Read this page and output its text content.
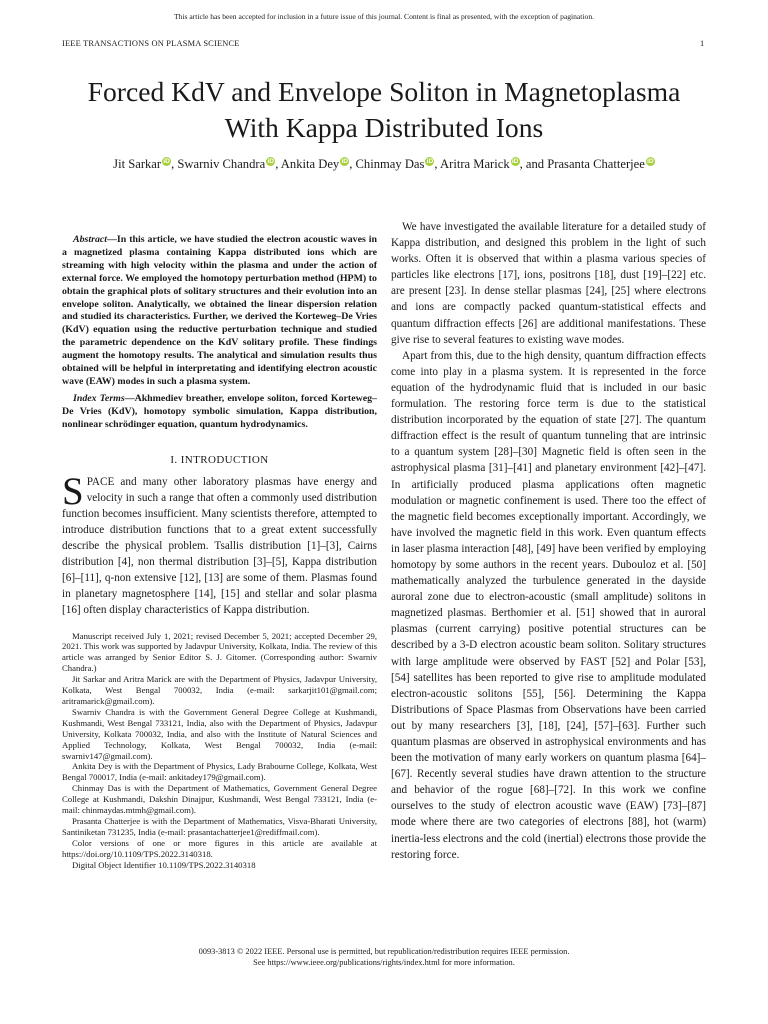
This article has been accepted for inclusion in a future issue of this journal. Content is final as presented, with the exception of pagination.
IEEE TRANSACTIONS ON PLASMA SCIENCE	1
Forced KdV and Envelope Soliton in Magnetoplasma With Kappa Distributed Ions
Jit Sarkar iD, Swarniv Chandra iD, Ankita Dey iD, Chinmay Das iD, Aritra Marick iD, and Prasanta Chatterjee iD

Abstract—In this article, we have studied the electron acoustic waves in a magnetized plasma containing Kappa distributed ions which are streaming with high velocity within the plasma and under the action of external force. We employed the homotopy perturbation method (HPM) to obtain the graphical plots of solitary structures and their evolution into an envelope soliton. Analytically, we obtained the linear dispersion relation and studied its characteristics. Further, we derived the Korteweg–De Vries (KdV) equation using the reductive perturbation technique and studied the parametric dependence on the KdV solitary profile. These findings augment the homotopy results. The analytical and simulation results thus obtained will be helpful in interpretating and identifying electron acoustic wave (EAW) modes in such a plasma system.

Index Terms—Akhmediev breather, envelope soliton, forced Korteweg–De Vries (KdV), homotopy symbolic simulation, Kappa distribution, nonlinear schrödinger equation, quantum hydrodynamics.

I. INTRODUCTION

SPACE and many other laboratory plasmas have energy and velocity in such a range that often a commonly used distribution function becomes insufficient. Many scientists therefore, attempted to introduce distribution functions that to a great extent successfully describe the physical problem. Tsallis distribution [1]–[3], Cairns distribution [4], non thermal distribution [3]–[5], Kappa distribution [6]–[11], q-non extensive [12], [13] are some of them. Plasmas found in planetary magnetosphere [14], [15] and stellar and solar plasma [16] often display characteristics of Kappa distribution.

Manuscript received July 1, 2021; revised December 5, 2021; accepted December 29, 2021. This work was supported by Jadavpur University, Kolkata, India. The review of this article was arranged by Senior Editor S. J. Gitomer. (Corresponding author: Swarniv Chandra.)

Jit Sarkar and Aritra Marick are with the Department of Physics, Jadavpur University, Kolkata, West Bengal 700032, India (e-mail: sarkarjit101@gmail.com; aritramarick@gmail.com).

Swarniv Chandra is with the Government General Degree College at Kushmandi, Kushmandi, West Bengal 733121, India, also with the Department of Physics, Jadavpur University, Kolkata 700032, India, and also with the Institute of Natural Sciences and Applied Technology, Kolkata, West Bengal 700032, India (e-mail: swarniv147@gmail.com).

Ankita Dey is with the Department of Physics, Lady Brabourne College, Kolkata, West Bengal 700017, India (e-mail: ankitadey179@gmail.com).

Chinmay Das is with the Department of Mathematics, Government General Degree College at Kushmandi, Dakshin Dinajpur, Kushmandi, West Bengal 733121, India (e-mail: chinmaydas.mtmh@gmail.com).

Prasanta Chatterjee is with the Department of Mathematics, Visva-Bharati University, Santiniketan 731235, India (e-mail: prasantachatterjee1@rediffmail.com).

Color versions of one or more figures in this article are available at https://doi.org/10.1109/TPS.2022.3140318.

Digital Object Identifier 10.1109/TPS.2022.3140318

We have investigated the available literature for a detailed study of Kappa distribution, and designed this problem in the light of such works. Often it is observed that within a plasma various species of particles like electrons [17], ions, positrons [18], dust [19]–[22] etc. are present [23]. In dense stellar plasmas [24], [25] where electrons and ions are compactly packed quantum-statistical effects and quantum diffraction effects [26] are additional manifestations. These give rise to several features to existing wave modes.

Apart from this, due to the high density, quantum diffraction effects come into play in a plasma system. It is represented in the force equation of the hydrodynamic fluid that is included in our basic formulation. The restoring force term is due to the statistical distribution incorporated by the equation of state [27]. The quantum diffraction effect is the result of quantum tunneling that are intrinsic to a quantum system [28]–[30] Magnetic field is often seen in the astrophysical plasma [31]–[41] and planetary environment [42]–[47]. In artificially produced plasma applications often magnetic modulation or magnetic confinement is used. There too the effect of the magnetic field becomes exceptionally important. Accordingly, we have involved the magnetic field in this work. Even quantum effects in laser plasma interaction [48], [49] have been verified by employing homotopy by some authors in the recent years. Dubouloz et al. [50] mathematically analyzed the turbulence generated in the dayside auroral zone due to electron-acoustic (small amplitude) solitons in magnetized plasmas. Berthomier et al. [51] showed that in auroral plasmas (current carrying) positive potential structures can be described by a 3-D electron acoustic beam soliton. Solitary structures with large amplitude were observed by FAST [52] and Polar [53], [54] satellites has been reported to give rise to amplitude modulated electron-acoustic solitons [55], [56]. Determining the Kappa Distributions of Space Plasmas from Observations have been carried out by many researchers [3], [18], [24], [57]–[63]. Further such quantum plasmas are observed in astrophysical environments and has been the motivation of many early workers on quantum plasma [64]–[67]. Recently several studies have drawn attention to the structure and behavior of the rogue [68]–[72]. In this work we confine ourselves to the study of electron acoustic wave (EAW) [73]–[87] mode where there are two categories of electrons [88], hot (warm) inertia-less electrons and the cold (inertial) electrons those provide the restoring force.

0093-3813 © 2022 IEEE. Personal use is permitted, but republication/redistribution requires IEEE permission.
See https://www.ieee.org/publications/rights/index.html for more information.
